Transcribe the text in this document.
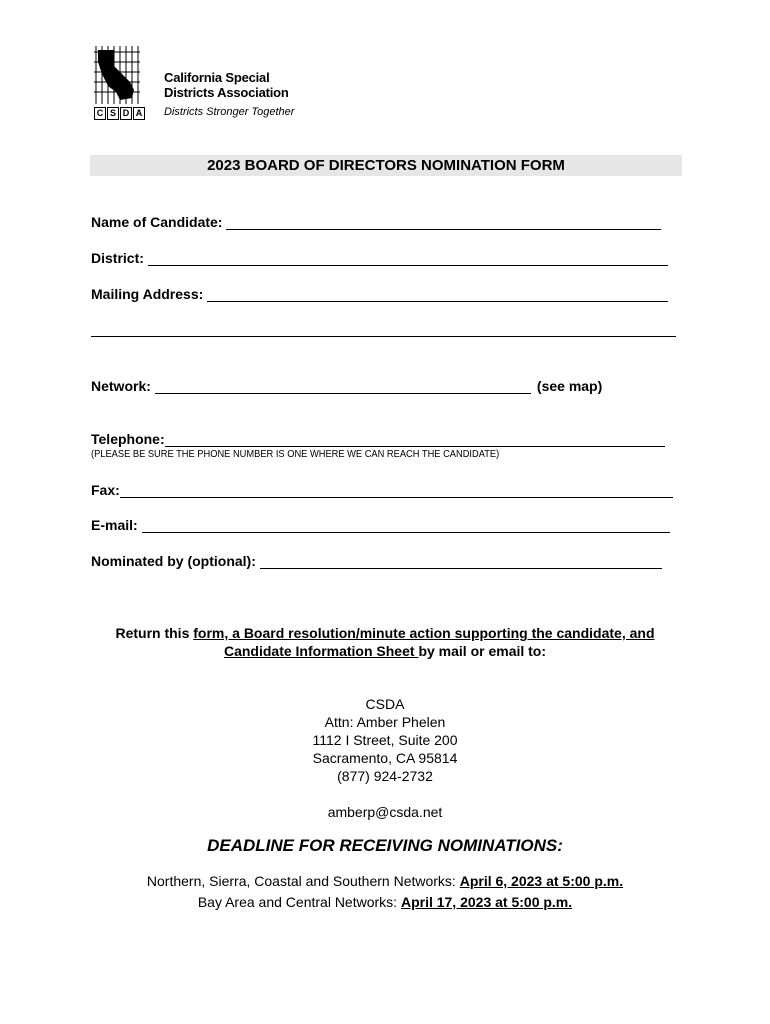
C S D A
California Special
Districts Association
Districts Stronger Together
2023 BOARD OF DIRECTORS NOMINATION FORM
Name of Candidate:
District:
Mailing Address:
Network:	(see map)
Telephone:
(PLEASE BE SURE THE PHONE NUMBER IS ONE WHERE WE CAN REACH THE CANDIDATE)
Fax:
E-mail:
Nominated by (optional):
Return this form, a Board resolution/minute action supporting the candidate, and
Candidate Information Sheet by mail or email to:
CSDA
Attn: Amber Phelen
1112 I Street, Suite 200
Sacramento, CA 95814
(877) 924-2732
amberp@csda.net
DEADLINE FOR RECEIVING NOMINATIONS:
Northern, Sierra, Coastal and Southern Networks: April 6, 2023 at 5:00 p.m.
Bay Area and Central Networks: April 17, 2023 at 5:00 p.m.
